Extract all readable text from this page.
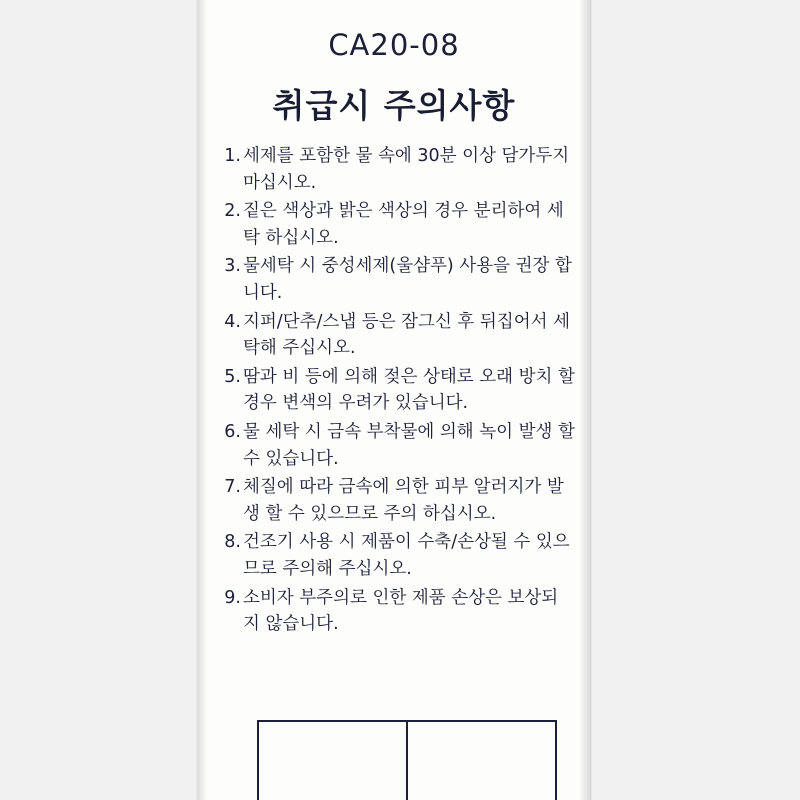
CA20-08
취급시 주의사항
1. 세제를 포함한 물 속에 30분 이상 담가두지 마십시오.
2. 짙은 색상과 밝은 색상의 경우 분리하여 세탁 하십시오.
3. 물세탁 시 중성세제(울샴푸) 사용을 권장 합니다.
4. 지퍼/단추/스냅 등은 잠그신 후 뒤집어서 세탁해 주십시오.
5. 땀과 비 등에 의해 젖은 상태로 오래 방치 할 경우 변색의 우려가 있습니다.
6. 물 세탁 시 금속 부착물에 의해 녹이 발생 할 수 있습니다.
7. 체질에 따라 금속에 의한 피부 알러지가 발생 할 수 있으므로 주의 하십시오.
8. 건조기 사용 시 제품이 수축/손상될 수 있으므로 주의해 주십시오.
9. 소비자 부주의로 인한 제품 손상은 보상되지 않습니다.
